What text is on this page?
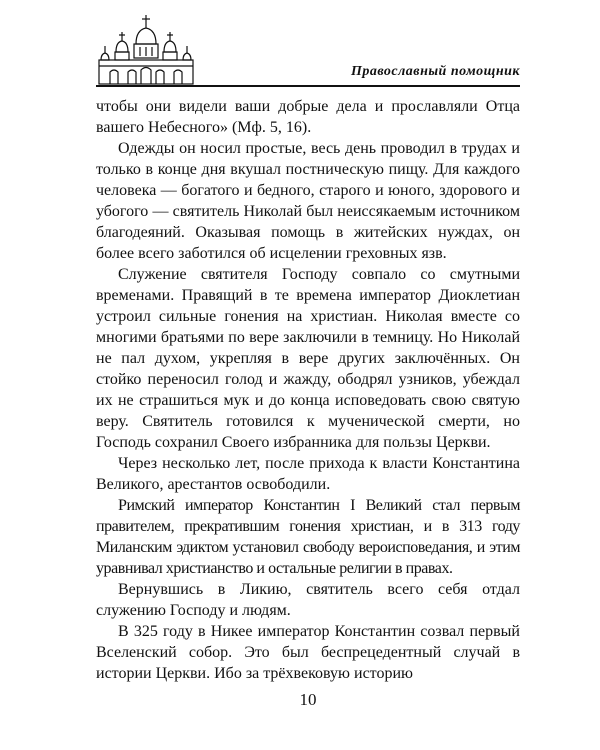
Православный помощник

чтобы они видели ваши добрые дела и прославляли Отца вашего Небесного» (Мф. 5, 16).

Одежды он носил простые, весь день проводил в трудах и только в конце дня вкушал постническую пищу. Для каждого человека — богатого и бедного, старого и юного, здорового и убогого — святитель Николай был неиссякаемым источником благодеяний. Оказывая помощь в житейских нуждах, он более всего заботился об исцелении греховных язв.

Служение святителя Господу совпало со смутными временами. Правящий в те времена император Диоклетиан устроил сильные гонения на христиан. Николая вместе со многими братьями по вере заключили в темницу. Но Николай не пал духом, укрепляя в вере других заключённых. Он стойко переносил голод и жажду, ободрял узников, убеждал их не страшиться мук и до конца исповедовать свою святую веру. Святитель готовился к мученической смерти, но Господь сохранил Своего избранника для пользы Церкви.

Через несколько лет, после прихода к власти Константина Великого, арестантов освободили.

Римский император Константин I Великий стал первым правителем, прекратившим гонения христиан, и в 313 году Миланским эдиктом установил свободу вероисповедания, и этим уравнивал христианство и остальные религии в правах.

Вернувшись в Ликию, святитель всего себя отдал служению Господу и людям.

В 325 году в Никее император Константин созвал первый Вселенский собор. Это был беспрецедентный случай в истории Церкви. Ибо за трёхвековую историю

10
